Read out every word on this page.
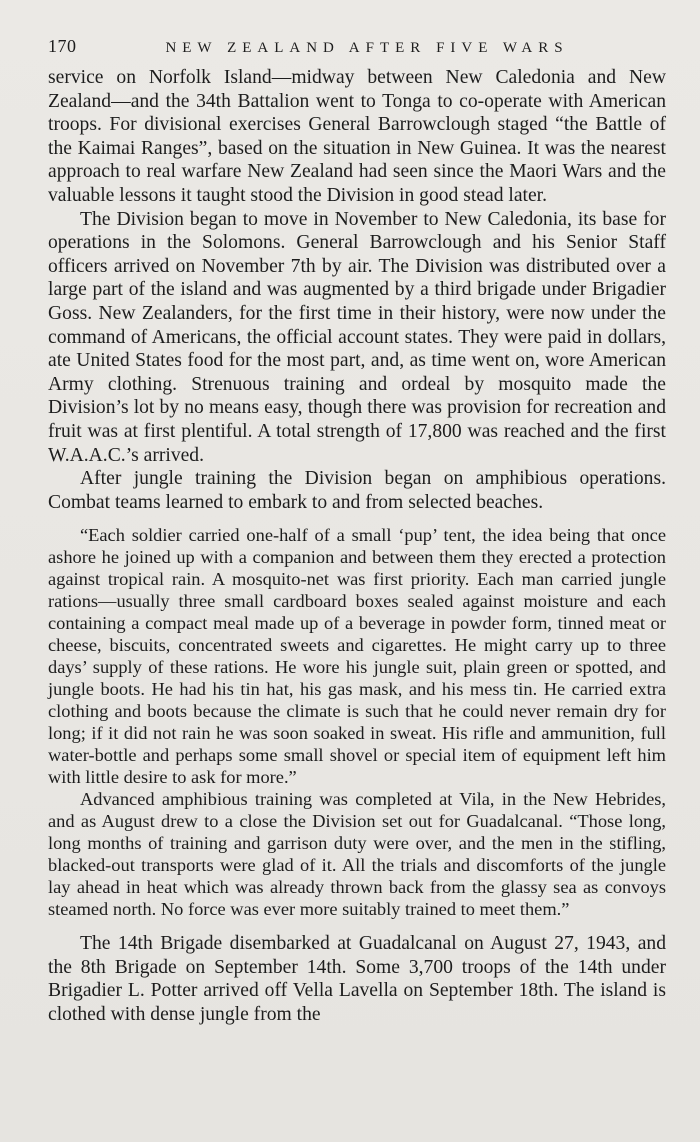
170	NEW ZEALAND AFTER FIVE WARS

service on Norfolk Island—midway between New Caledonia and New Zealand—and the 34th Battalion went to Tonga to co-operate with American troops. For divisional exercises General Barrowclough staged “the Battle of the Kaimai Ranges”, based on the situation in New Guinea. It was the nearest approach to real warfare New Zealand had seen since the Maori Wars and the valuable lessons it taught stood the Division in good stead later.

The Division began to move in November to New Caledonia, its base for operations in the Solomons. General Barrowclough and his Senior Staff officers arrived on November 7th by air. The Division was distributed over a large part of the island and was augmented by a third brigade under Brigadier Goss. New Zealanders, for the first time in their history, were now under the command of Americans, the official account states. They were paid in dollars, ate United States food for the most part, and, as time went on, wore American Army clothing. Strenuous training and ordeal by mosquito made the Division’s lot by no means easy, though there was provision for recreation and fruit was at first plentiful. A total strength of 17,800 was reached and the first W.A.A.C.’s arrived.

After jungle training the Division began on amphibious operations. Combat teams learned to embark to and from selected beaches.

“Each soldier carried one-half of a small ‘pup’ tent, the idea being that once ashore he joined up with a companion and between them they erected a protection against tropical rain. A mosquito-net was first priority. Each man carried jungle rations—usually three small cardboard boxes sealed against moisture and each containing a compact meal made up of a beverage in powder form, tinned meat or cheese, biscuits, concentrated sweets and cigarettes. He might carry up to three days’ supply of these rations. He wore his jungle suit, plain green or spotted, and jungle boots. He had his tin hat, his gas mask, and his mess tin. He carried extra clothing and boots because the climate is such that he could never remain dry for long; if it did not rain he was soon soaked in sweat. His rifle and ammunition, full water-bottle and perhaps some small shovel or special item of equipment left him with little desire to ask for more.”

Advanced amphibious training was completed at Vila, in the New Hebrides, and as August drew to a close the Division set out for Guadalcanal. “Those long, long months of training and garrison duty were over, and the men in the stifling, blacked-out transports were glad of it. All the trials and discomforts of the jungle lay ahead in heat which was already thrown back from the glassy sea as convoys steamed north. No force was ever more suitably trained to meet them.”

The 14th Brigade disembarked at Guadalcanal on August 27, 1943, and the 8th Brigade on September 14th. Some 3,700 troops of the 14th under Brigadier L. Potter arrived off Vella Lavella on September 18th. The island is clothed with dense jungle from the
